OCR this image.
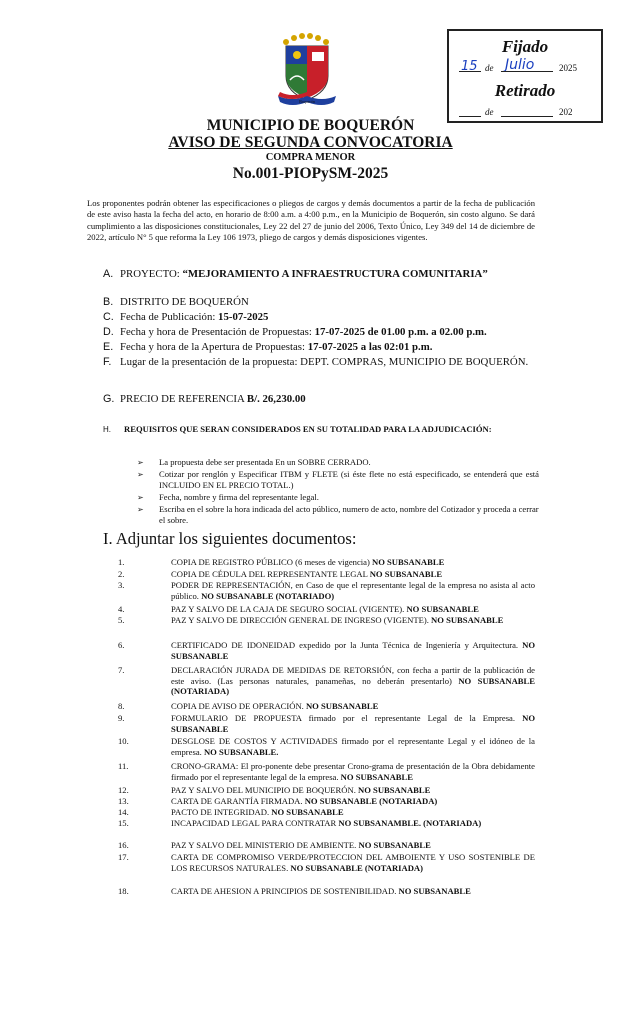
Fijado
15 de Julio	2025
Retirado
de	202
Boquerón
MUNICIPIO DE BOQUERÓN
AVISO DE SEGUNDA CONVOCATORIA
COMPRA MENOR
No.001-PIOPySM-2025

Los proponentes podrán obtener las especificaciones o pliegos de cargos y demás documentos a partir de la fecha de publicación de este aviso hasta la fecha del acto, en horario de 8:00 a.m. a 4:00 p.m., en la Municipio de Boquerón, sin costo alguno. Se dará cumplimiento a las disposiciones constitucionales, Ley 22 del 27 de junio del 2006, Texto Único, Ley 349 del 14 de diciembre de 2022, artículo N° 5 que reforma la Ley 106 1973, pliego de cargos y demás disposiciones vigentes.

A. PROYECTO: “MEJORAMIENTO A INFRAESTRUCTURA COMUNITARIA”
B. DISTRITO DE BOQUERÓN
C. Fecha de Publicación: 15-07-2025
D. Fecha y hora de Presentación de Propuestas: 17-07-2025 de 01.00 p.m. a 02.00 p.m.
E. Fecha y hora de la Apertura de Propuestas: 17-07-2025 a las 02:01 p.m.
F. Lugar de la presentación de la propuesta: DEPT. COMPRAS, MUNICIPIO DE BOQUERÓN.
G. PRECIO DE REFERENCIA B/. 26,230.00
H. REQUISITOS QUE SERAN CONSIDERADOS EN SU TOTALIDAD PARA LA ADJUDICACIÓN:
➢ La propuesta debe ser presentada En un SOBRE CERRADO.
➢ Cotizar por renglón y Especificar ITBM y FLETE (si éste flete no está especificado, se entenderá que está INCLUIDO EN EL PRECIO TOTAL.)
➢ Fecha, nombre y firma del representante legal.
➢ Escriba en el sobre la hora indicada del acto público, numero de acto, nombre del Cotizador y proceda a cerrar el sobre.
I. Adjuntar los siguientes documentos:
1.	COPIA DE REGISTRO PÚBLICO (6 meses de vigencia) NO SUBSANABLE
2.	COPIA DE CÉDULA DEL REPRESENTANTE LEGAL NO SUBSANABLE
3.	PODER DE REPRESENTACIÓN, en Caso de que el representante legal de la empresa no asista al acto público. NO SUBSANABLE (NOTARIADO)
4.	PAZ Y SALVO DE LA CAJA DE SEGURO SOCIAL (VIGENTE). NO SUBSANABLE
5.	PAZ Y SALVO DE DIRECCIÓN GENERAL DE INGRESO (VIGENTE). NO SUBSANABLE
6.	CERTIFICADO DE IDONEIDAD expedido por la Junta Técnica de Ingeniería y Arquitectura. NO SUBSANABLE
7.	DECLARACIÓN JURADA DE MEDIDAS DE RETORSIÓN, con fecha a partir de la publicación de este aviso. (Las personas naturales, panameñas, no deberán presentarlo) NO SUBSANABLE (NOTARIADA)
8.	COPIA DE AVISO DE OPERACIÓN. NO SUBSANABLE
9.	FORMULARIO DE PROPUESTA firmado por el representante Legal de la Empresa. NO SUBSANABLE
10.	DESGLOSE DE COSTOS Y ACTIVIDADES firmado por el representante Legal y el idóneo de la empresa. NO SUBSANABLE.
11.	CRONO-GRAMA: El pro-ponente debe presentar Crono-grama de presentación de la Obra debidamente firmado por el representante legal de la empresa. NO SUBSANABLE
12.	PAZ Y SALVO DEL MUNICIPIO DE BOQUERÓN. NO SUBSANABLE
13.	CARTA DE GARANTÍA FIRMADA. NO SUBSANABLE (NOTARIADA)
14.	PACTO DE INTEGRIDAD. NO SUBSANABLE
15.	INCAPACIDAD LEGAL PARA CONTRATAR NO SUBSANAMBLE. (NOTARIADA)
16.	PAZ Y SALVO DEL MINISTERIO DE AMBIENTE. NO SUBSANABLE
17.	CARTA DE COMPROMISO VERDE/PROTECCION DEL AMBOIENTE Y USO SOSTENIBLE DE LOS RECURSOS NATURALES. NO SUBSANABLE (NOTARIADA)
18.	CARTA DE AHESION A PRINCIPIOS DE SOSTENIBILIDAD. NO SUBSANABLE
